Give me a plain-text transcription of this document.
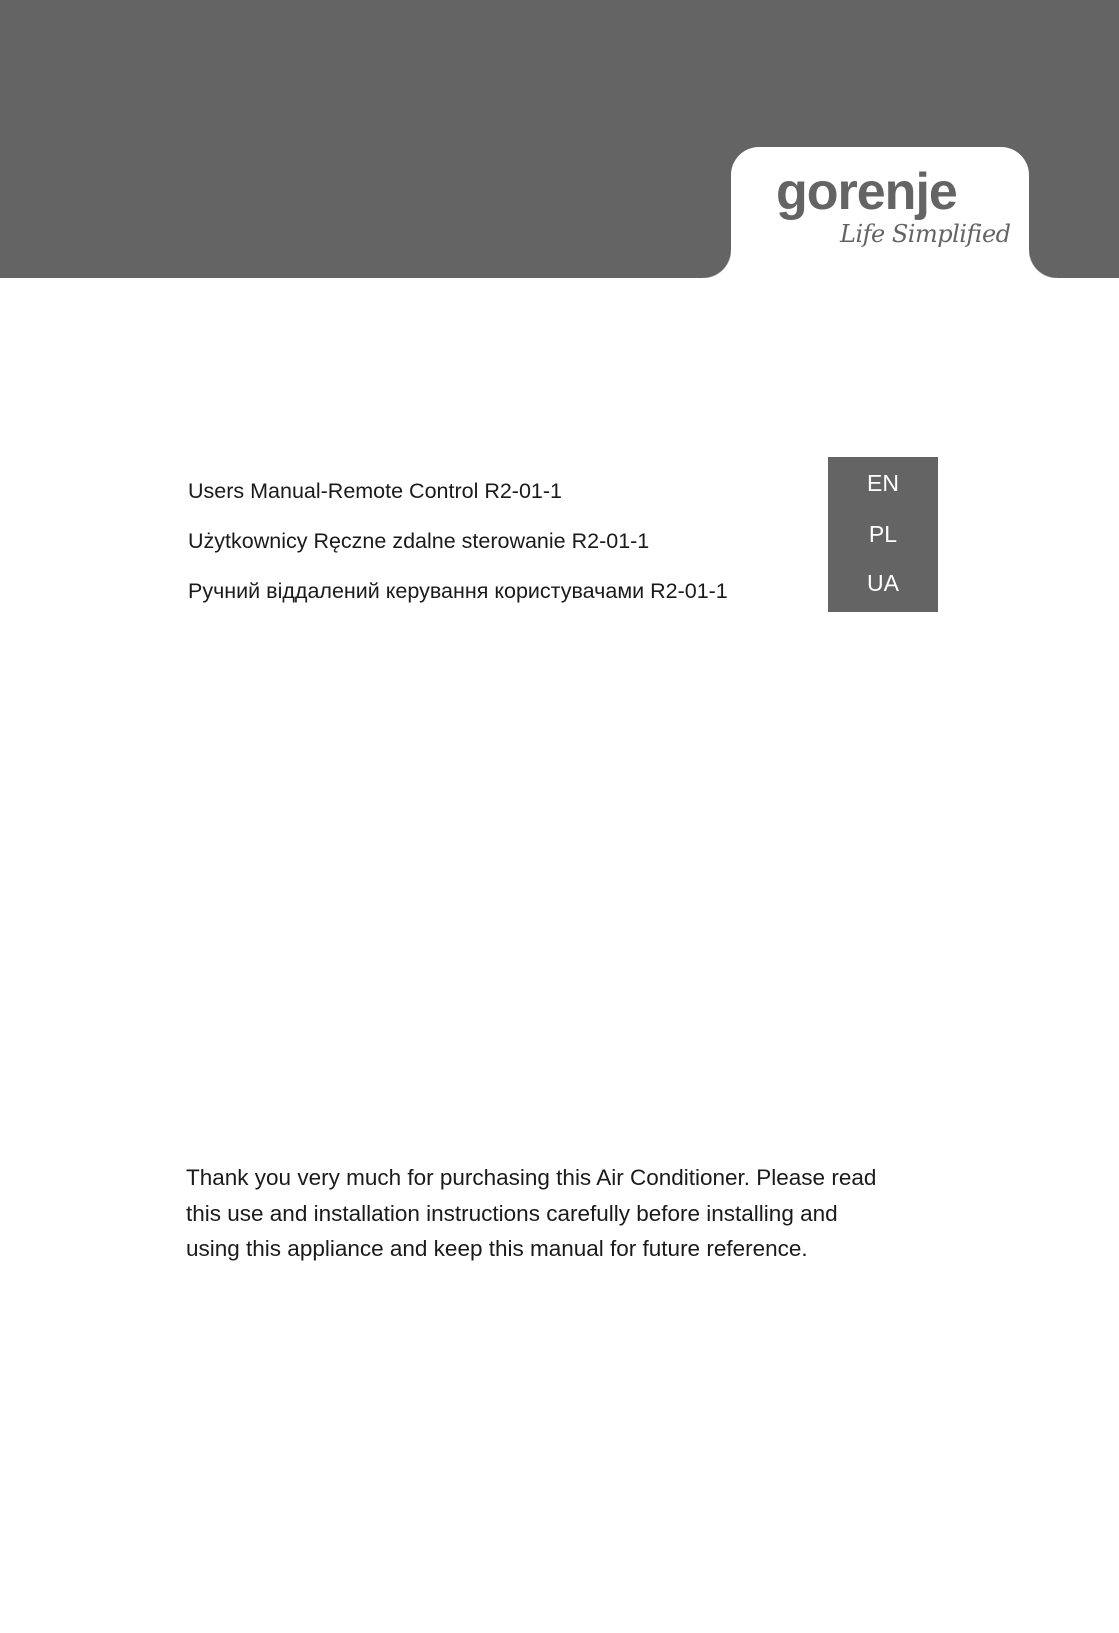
gorenje
Life Simplified
Users Manual-Remote Control R2-01-1
Użytkownicy Ręczne zdalne sterowanie R2-01-1
Ручний віддалений керування користувачами R2-01-1
EN
PL
UA
Thank you very much for purchasing this Air Conditioner. Please read
this use and installation instructions carefully before installing and
using this appliance and keep this manual for future reference.
